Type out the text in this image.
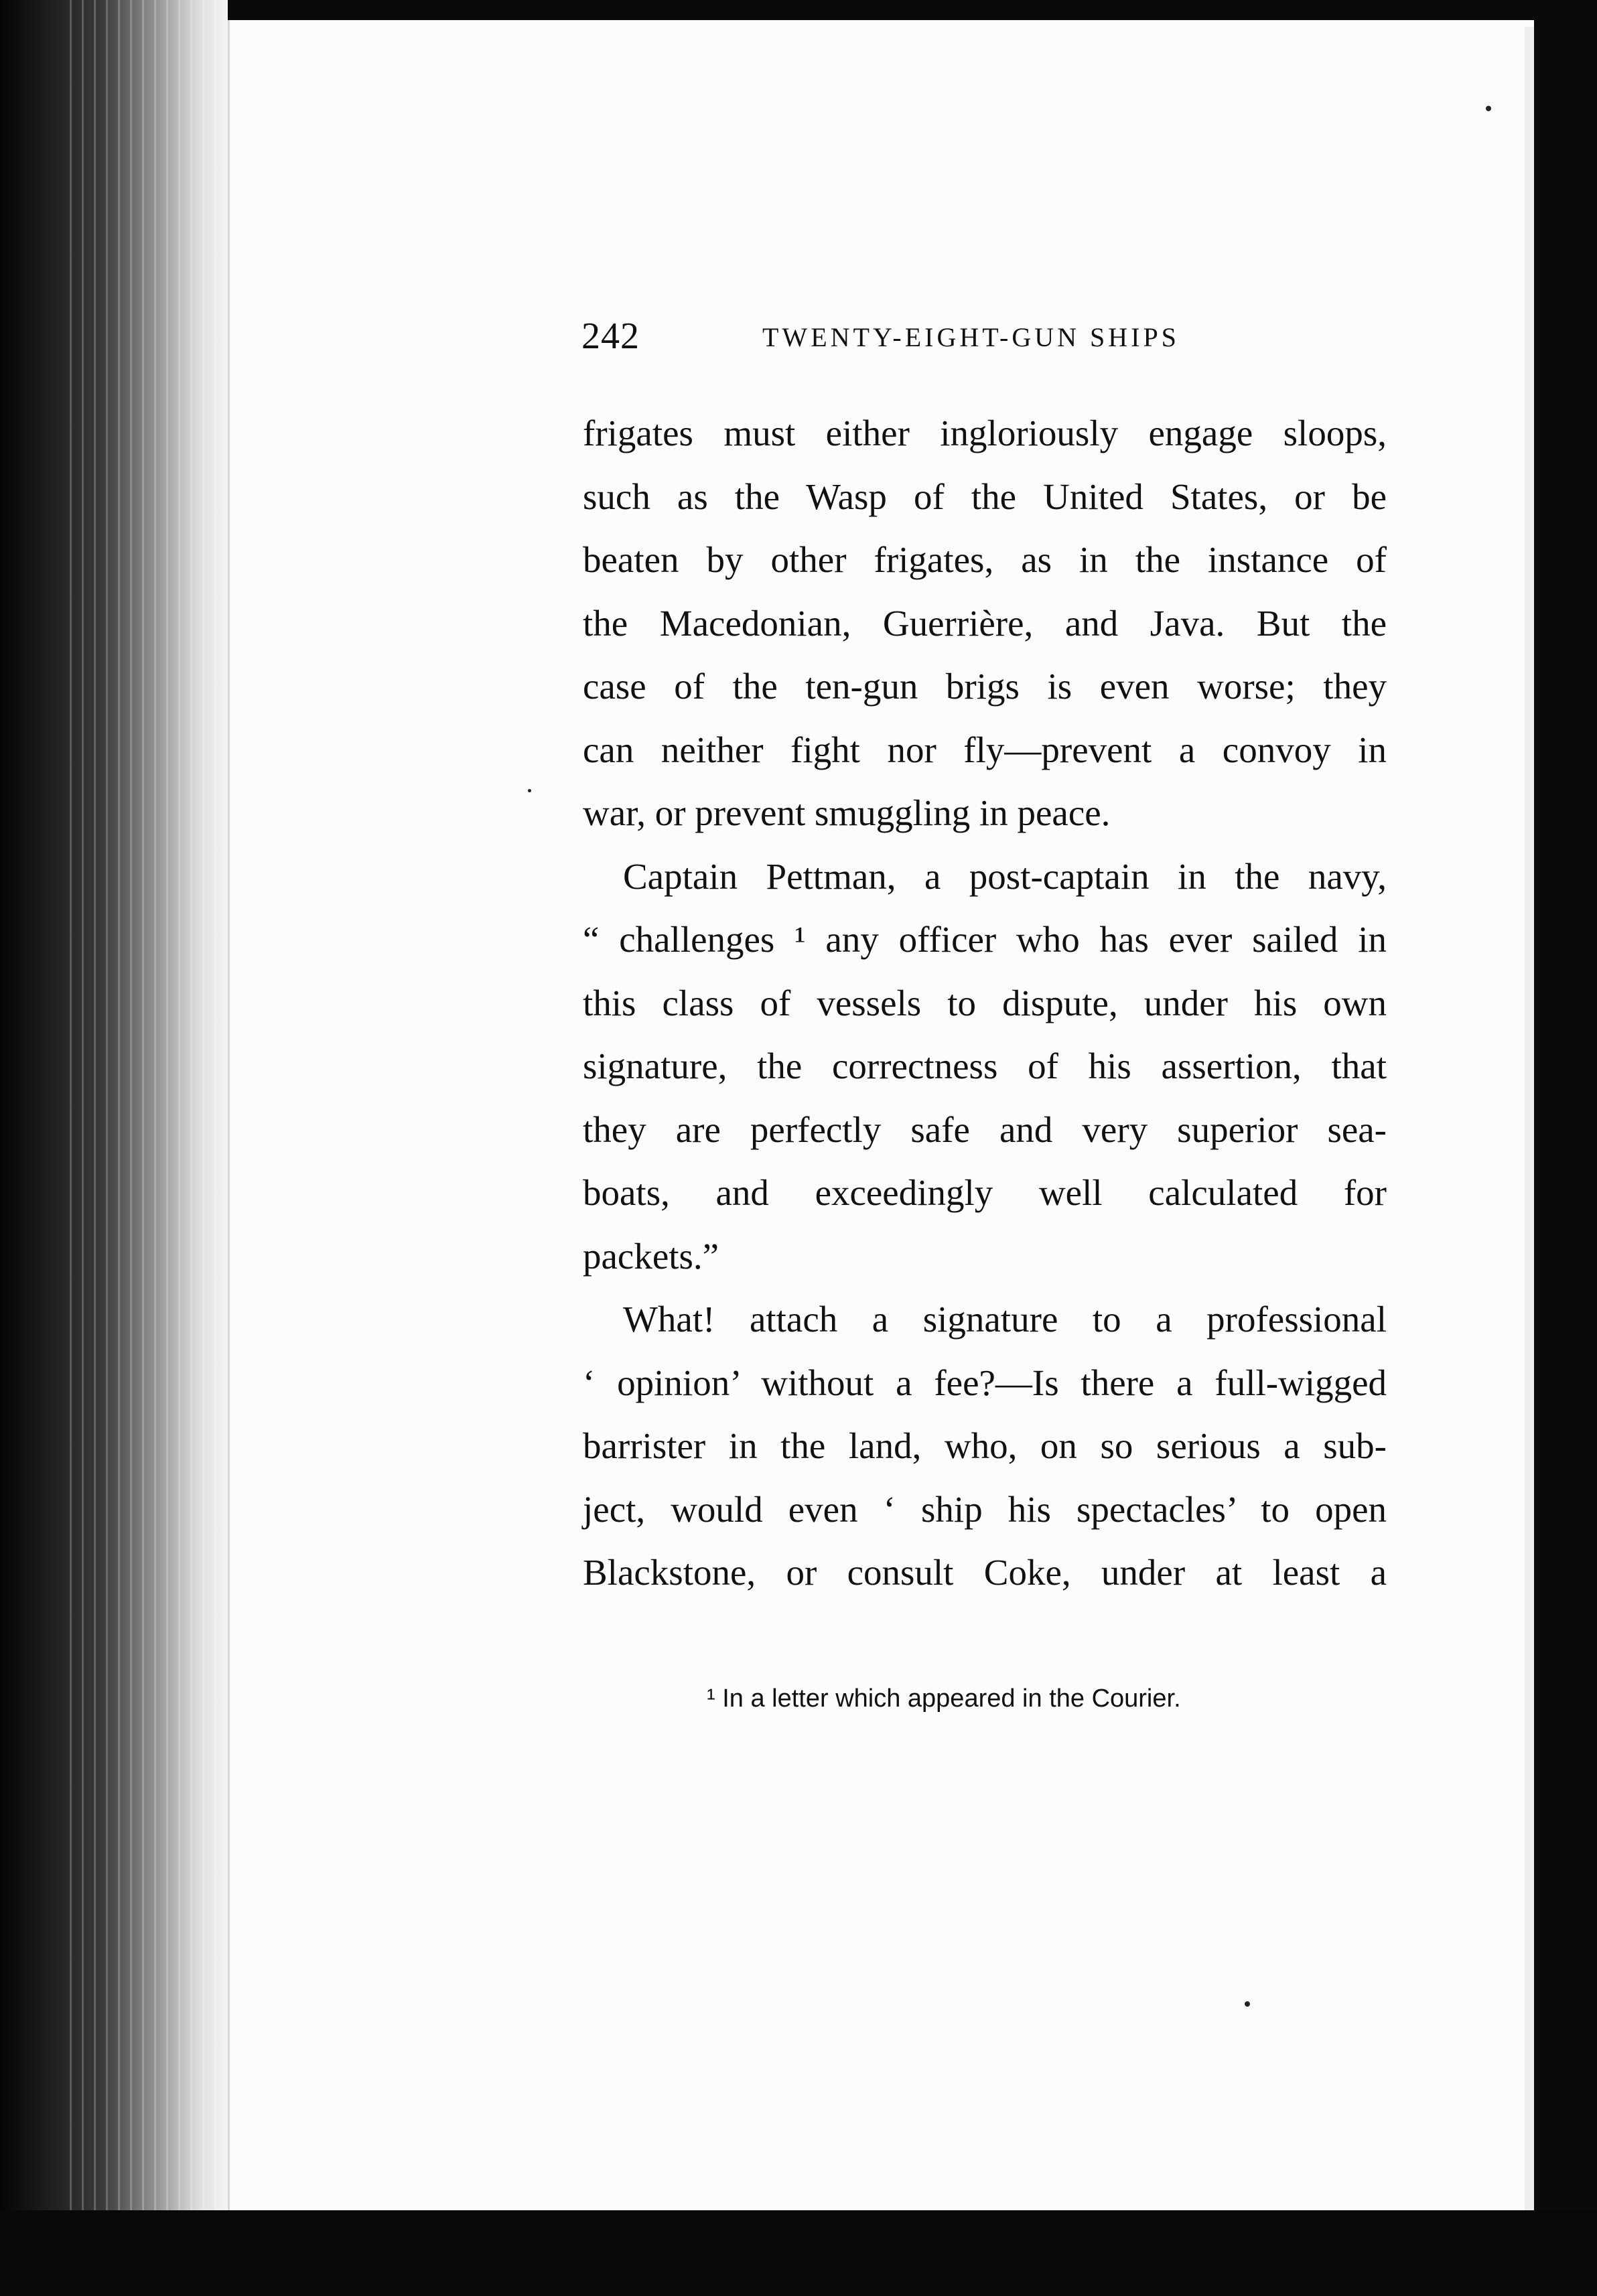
242	TWENTY-EIGHT-GUN SHIPS

frigates must either ingloriously engage sloops,

such as the Wasp of the United States, or be

beaten by other frigates, as in the instance of

the Macedonian, Guerrière, and Java. But the

case of the ten-gun brigs is even worse; they

can neither fight nor fly—prevent a convoy in

war, or prevent smuggling in peace.

Captain Pettman, a post-captain in the navy,

“ challenges ¹ any officer who has ever sailed in

this class of vessels to dispute, under his own

signature, the correctness of his assertion, that

they are perfectly safe and very superior sea-

boats, and exceedingly well calculated for

packets.”

What! attach a signature to a professional

‘ opinion’ without a fee?—Is there a full-wigged

barrister in the land, who, on so serious a sub-

ject, would even ‘ ship his spectacles’ to open

Blackstone, or consult Coke, under at least a

¹ In a letter which appeared in the Courier.
